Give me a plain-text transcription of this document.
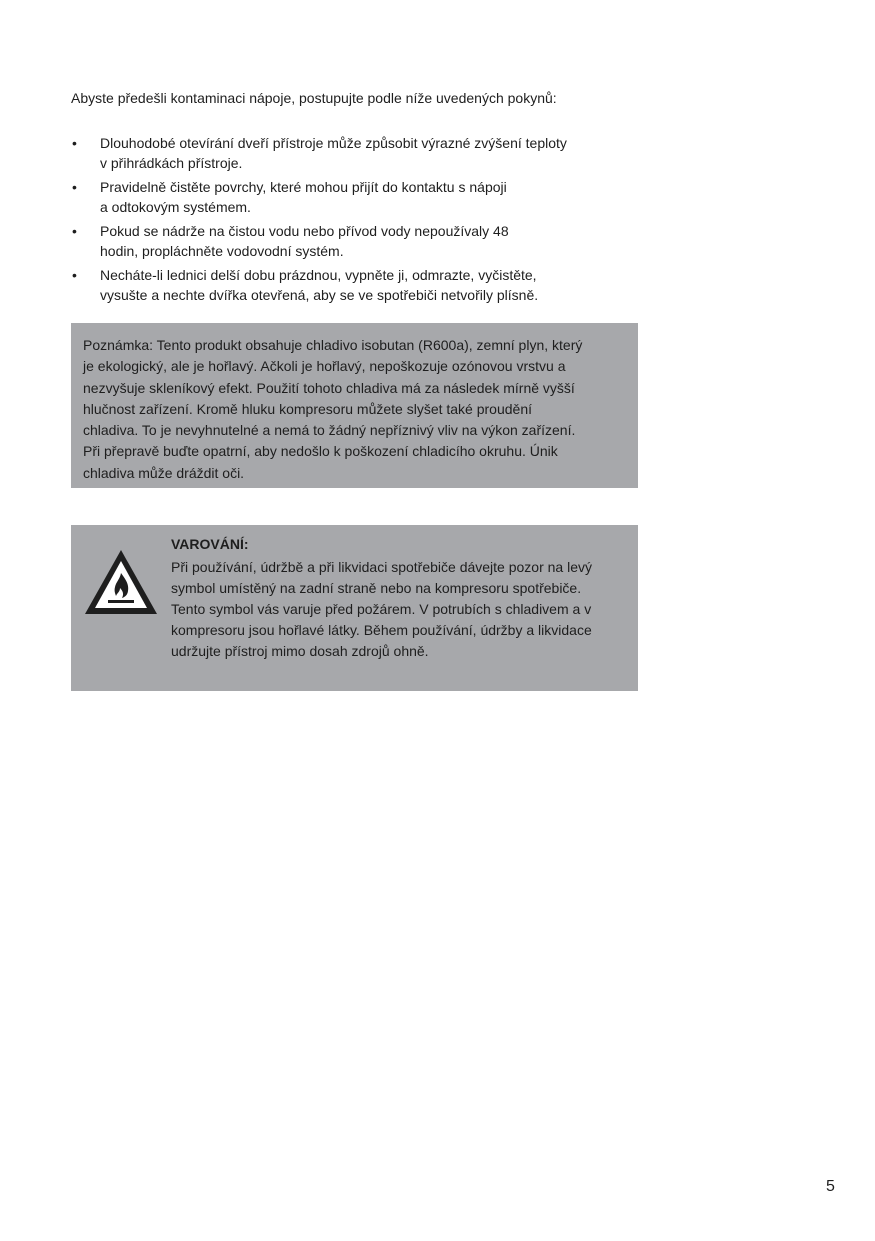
Abyste předešli kontaminaci nápoje, postupujte podle níže uvedených pokynů:

• Dlouhodobé otevírání dveří přístroje může způsobit výrazné zvýšení teploty
v přihrádkách přístroje.
• Pravidelně čistěte povrchy, které mohou přijít do kontaktu s nápoji
a odtokovým systémem.
• Pokud se nádrže na čistou vodu nebo přívod vody nepoužívaly 48
hodin, propláchněte vodovodní systém.
• Necháte-li lednici delší dobu prázdnou, vypněte ji, odmrazte, vyčistěte,
vysušte a nechte dvířka otevřená, aby se ve spotřebiči netvořily plísně.

Poznámka: Tento produkt obsahuje chladivo isobutan (R600a), zemní plyn, který

je ekologický, ale je hořlavý. Ačkoli je hořlavý, nepoškozuje ozónovou vrstvu a

nezvyšuje skleníkový efekt. Použití tohoto chladiva má za následek mírně vyšší

hlučnost zařízení. Kromě hluku kompresoru můžete slyšet také proudění

chladiva. To je nevyhnutelné a nemá to žádný nepříznivý vliv na výkon zařízení.

Při přepravě buďte opatrní, aby nedošlo k poškození chladicího okruhu. Únik

chladiva může dráždit oči.

VAROVÁNÍ:

Při používání, údržbě a při likvidaci spotřebiče dávejte pozor na levý

symbol umístěný na zadní straně nebo na kompresoru spotřebiče.

Tento symbol vás varuje před požárem. V potrubích s chladivem a v

kompresoru jsou hořlavé látky. Během používání, údržby a likvidace

udržujte přístroj mimo dosah zdrojů ohně.

5
